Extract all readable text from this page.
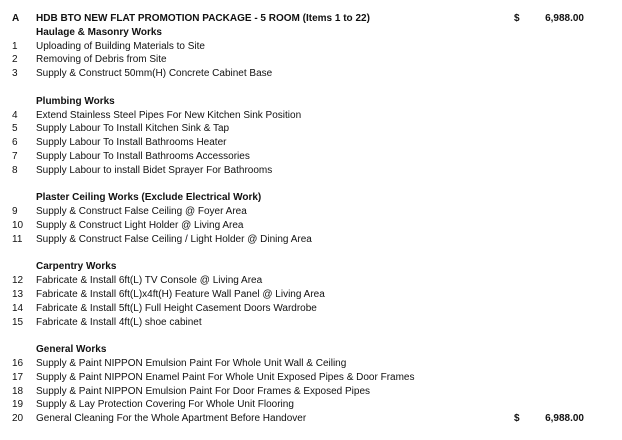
A	HDB BTO NEW FLAT PROMOTION PACKAGE - 5 ROOM (Items 1 to 22)	$	6,988.00
Haulage & Masonry Works
1	Uploading of Building Materials to Site
2	Removing of Debris from Site
3	Supply & Construct 50mm(H) Concrete Cabinet Base
Plumbing Works
4	Extend Stainless Steel Pipes For New Kitchen Sink Position
5	Supply Labour To Install Kitchen Sink & Tap
6	Supply Labour To Install Bathrooms Heater
7	Supply Labour To Install Bathrooms Accessories
8	Supply Labour to install Bidet Sprayer For Bathrooms
Plaster Ceiling Works (Exclude Electrical Work)
9	Supply & Construct False Ceiling @ Foyer Area
10	Supply & Construct Light Holder @ Living Area
11	Supply & Construct False Ceiling / Light Holder @ Dining Area
Carpentry Works
12	Fabricate & Install 6ft(L) TV Console @ Living Area
13	Fabricate & Install 6ft(L)x4ft(H) Feature Wall Panel @ Living Area
14	Fabricate & Install 5ft(L) Full Height Casement Doors Wardrobe
15	Fabricate & Install 4ft(L) shoe cabinet
General Works
16	Supply & Paint NIPPON Emulsion Paint For Whole Unit Wall & Ceiling
17	Supply & Paint NIPPON Enamel Paint For Whole Unit Exposed Pipes & Door Frames
18	Supply & Paint NIPPON Emulsion Paint For Door Frames & Exposed Pipes
19	Supply & Lay Protection Covering For Whole Unit Flooring
20	General Cleaning For the Whole Apartment Before Handover	$	6,988.00
